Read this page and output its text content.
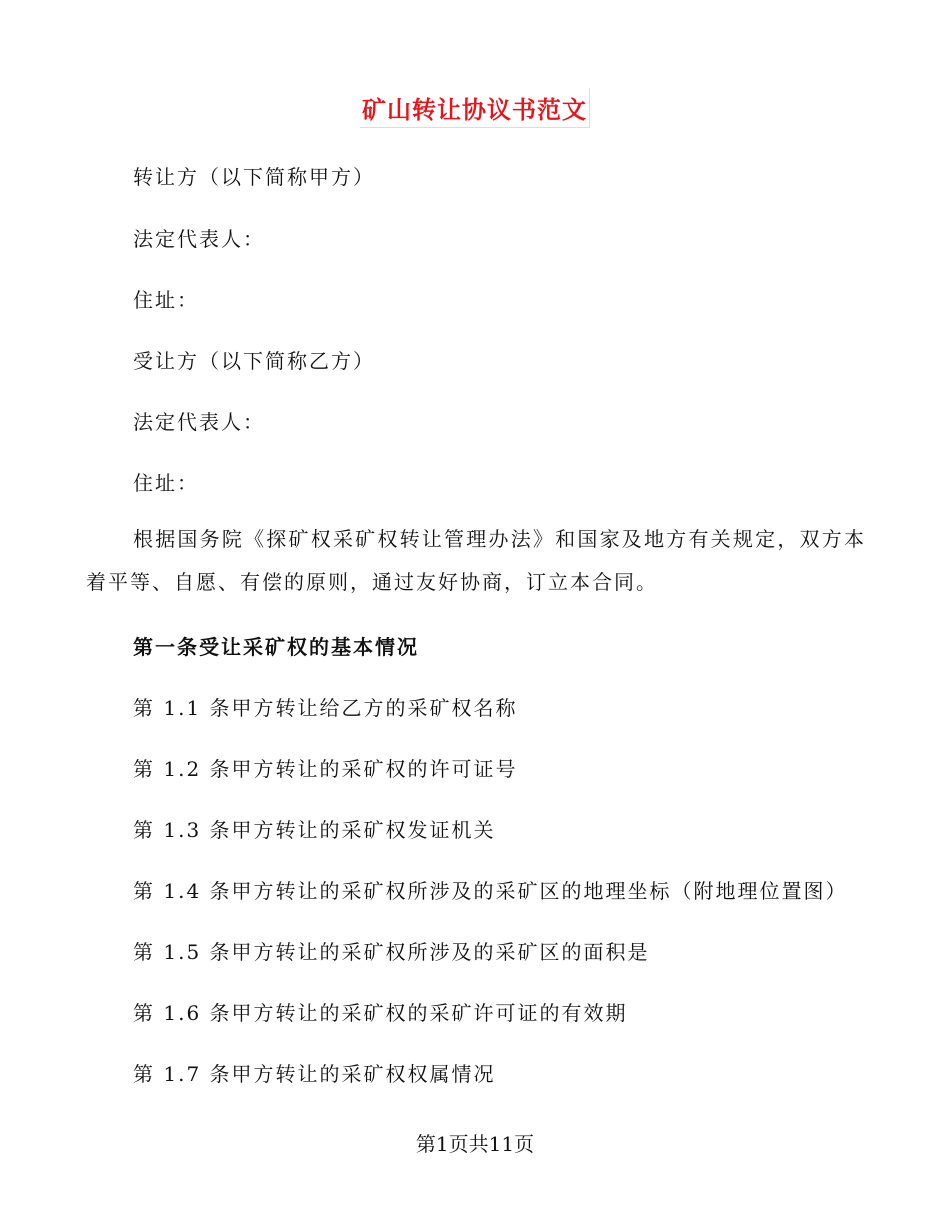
矿山转让协议书范文
转让方（以下简称甲方）
法定代表人：
住址：
受让方（以下简称乙方）
法定代表人：
住址：
根据国务院《探矿权采矿权转让管理办法》和国家及地方有关规定，双方本着平等、自愿、有偿的原则，通过友好协商，订立本合同。
第一条受让采矿权的基本情况
第 1.1 条甲方转让给乙方的采矿权名称
第 1.2 条甲方转让的采矿权的许可证号
第 1.3 条甲方转让的采矿权发证机关
第 1.4 条甲方转让的采矿权所涉及的采矿区的地理坐标（附地理位置图）
第 1.5 条甲方转让的采矿权所涉及的采矿区的面积是
第 1.6 条甲方转让的采矿权的采矿许可证的有效期
第 1.7 条甲方转让的采矿权权属情况
第1页共11页
